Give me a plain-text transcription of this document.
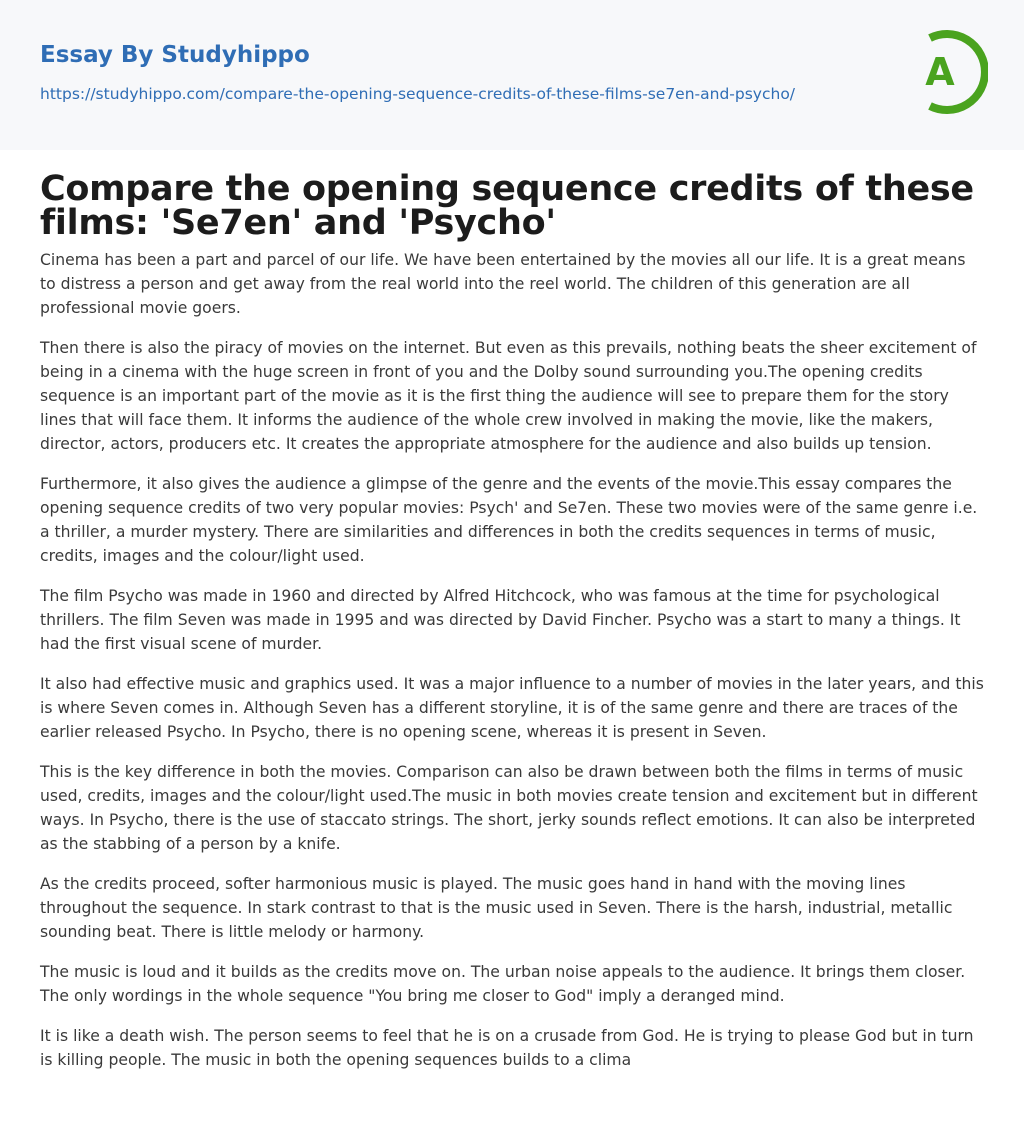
Essay By Studyhippo
https://studyhippo.com/compare-the-opening-sequence-credits-of-these-films-se7en-and-psycho/	A
Compare the opening sequence credits of these films: 'Se7en' and 'Psycho'

Cinema has been a part and parcel of our life. We have been entertained by the movies all our life. It is a great means to distress a person and get away from the real world into the reel world. The children of this generation are all professional movie goers.

Then there is also the piracy of movies on the internet. But even as this prevails, nothing beats the sheer excitement of being in a cinema with the huge screen in front of you and the Dolby sound surrounding you.The opening credits sequence is an important part of the movie as it is the first thing the audience will see to prepare them for the story lines that will face them. It informs the audience of the whole crew involved in making the movie, like the makers, director, actors, producers etc. It creates the appropriate atmosphere for the audience and also builds up tension.

Furthermore, it also gives the audience a glimpse of the genre and the events of the movie.This essay compares the opening sequence credits of two very popular movies: Psych' and Se7en. These two movies were of the same genre i.e. a thriller, a murder mystery. There are similarities and differences in both the credits sequences in terms of music, credits, images and the colour/light used.

The film Psycho was made in 1960 and directed by Alfred Hitchcock, who was famous at the time for psychological thrillers. The film Seven was made in 1995 and was directed by David Fincher. Psycho was a start to many a things. It had the first visual scene of murder.

It also had effective music and graphics used. It was a major influence to a number of movies in the later years, and this is where Seven comes in. Although Seven has a different storyline, it is of the same genre and there are traces of the earlier released Psycho. In Psycho, there is no opening scene, whereas it is present in Seven.

This is the key difference in both the movies. Comparison can also be drawn between both the films in terms of music used, credits, images and the colour/light used.The music in both movies create tension and excitement but in different ways. In Psycho, there is the use of staccato strings. The short, jerky sounds reflect emotions. It can also be interpreted as the stabbing of a person by a knife.

As the credits proceed, softer harmonious music is played. The music goes hand in hand with the moving lines throughout the sequence. In stark contrast to that is the music used in Seven. There is the harsh, industrial, metallic sounding beat. There is little melody or harmony.

The music is loud and it builds as the credits move on. The urban noise appeals to the audience. It brings them closer. The only wordings in the whole sequence "You bring me closer to God" imply a deranged mind.

It is like a death wish. The person seems to feel that he is on a crusade from God. He is trying to please God but in turn is killing people. The music in both the opening sequences builds to a clima
